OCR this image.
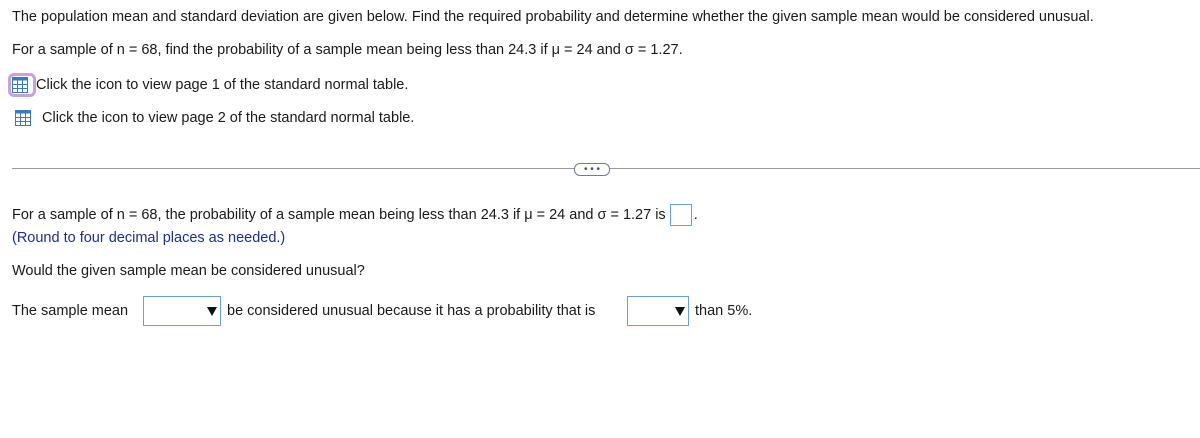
The population mean and standard deviation are given below. Find the required probability and determine whether the given sample mean would be considered unusual.
For a sample of n = 68, find the probability of a sample mean being less than 24.3 if μ = 24 and σ = 1.27.
Click the icon to view page 1 of the standard normal table.
Click the icon to view page 2 of the standard normal table.
• • •
For a sample of n = 68, the probability of a sample mean being less than 24.3 if μ = 24 and σ = 1.27 is .
(Round to four decimal places as needed.)
Would the given sample mean be considered unusual?
The sample mean	be considered unusual because it has a probability that is	than 5%.
